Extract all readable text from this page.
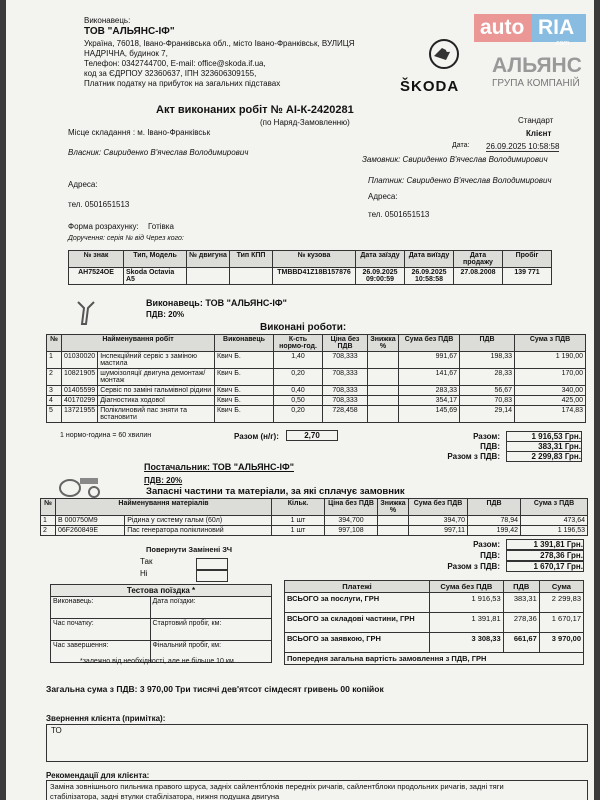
auto RIA
.com
ŠKODA
АЛЬЯНС
ГРУПА КОМПАНІЙ
Виконавець:
ТОВ "АЛЬЯНС-ІФ"
Україна, 76018, Івано-Франківська обл., місто Івано-Франківськ, ВУЛИЦЯ
НАДРІЧНА, будинок 7,
Телефон: 0342744700, E-mail: office@skoda.if.ua,
код за ЄДРПОУ 32360637, ІПН 323606309155,
Платник податку на прибуток на загальних підставах
Акт виконаних робіт № АІ-К-2420281
(по Наряд-Замовленню)	Стандарт
Клієнт
Дата: 26.09.2025 10:58:58
Місце складання : м. Івано-Франківськ
Власник: Свириденко В'ячеслав Володимирович
Замовник: Свириденко В'ячеслав Володимирович
Платник: Свириденко В'ячеслав Володимирович
Адреса:
Адреса:
тел. 0501651513
тел. 0501651513
Форма розрахунку: Готівка
Доручення: серія № від Через кого:
№ знак	Тип, Модель	№ двигуна	Тип КПП	№ кузова	Дата заїзду	Дата виїзду	Дата продажу	Пробіг
AH7524OE	Skoda Octavia A5			TMBBD41Z18B157876	26.09.2025 09:00:59	26.09.2025 10:58:58	27.08.2008	139 771
Виконавець: ТОВ "АЛЬЯНС-ІФ"
ПДВ: 20%
Виконані роботи:
№	Найменування робіт		Виконавець	К-сть нормо-год.	Ціна без ПДВ	Знижка %	Сума без ПДВ	ПДВ	Сума з ПДВ
1	01030020	Інспекційний сервіс з заміною мастила	Квич Б.	1,40	708,333		991,67	198,33	1 190,00
2	10821905	шумоізоляції двигуна демонтаж/монтаж	Квич Б.	0,20	708,333		141,67	28,33	170,00
3	01405599	Сервіс по заміні гальмівної рідини	Квич Б.	0,40	708,333		283,33	56,67	340,00
4	40170299	Діагностика ходової	Квич Б.	0,50	708,333		354,17	70,83	425,00
5	13721955	Поліклиновий пас зняти та встановити	Квич Б.	0,20	728,458		145,69	29,14	174,83
1 нормо-година = 60 хвилин	Разом (н/г):	2,70	Разом:	1 916,53 Грн.
ПДВ:	383,31 Грн.
Разом з ПДВ:	2 299,83 Грн.
Постачальник: ТОВ "АЛЬЯНС-ІФ"
ПДВ: 20%
Запасні частини та матеріали, за які сплачує замовник
№	Найменування матеріалів		Кільк.	Ціна без ПДВ	Знижка %	Сума без ПДВ	ПДВ	Сума з ПДВ
1	B 000750M9	Рідина у систему гальм (60л)	1 шт	394,700		394,70	78,94	473,64
2	06F260849E	Пас генератора поліклиновий	1 шт	997,108		997,11	199,42	1 196,53
Повернути Замінені ЗЧ
Так
Ні
Разом:	1 391,81 Грн.
ПДВ:	278,36 Грн.
Разом з ПДВ:	1 670,17 Грн.
Тестова поїздка *	
Виконавець:	Дата поїздки:
Час початку:	Стартовий пробіг, км:
Час завершення:	Фінальний пробіг, км:
*залежно від необхідності, але не більше 10 км
Платежі	Сума без ПДВ	ПДВ	Сума
ВСЬОГО за послуги, ГРН	1 916,53	383,31	2 299,83
ВСЬОГО за складові частини, ГРН	1 391,81	278,36	1 670,17
ВСЬОГО за заявкою, ГРН	3 308,33	661,67	3 970,00
Попередня загальна вартість замовлення з ПДВ, ГРН			
Загальна сума з ПДВ: 3 970,00 Три тисячі дев'ятсот сімдесят гривень 00 копійок
Звернення клієнта (примітка):
ТО
Рекомендації для клієнта:
Заміна зовнішнього пильника правого шруса, задніх сайлентблоків передніх ричагів, сайлентблоки продольних ричагів, задні тяги
стабілізатора, задні втулки стабілізатора, нижня подушка двигуна
